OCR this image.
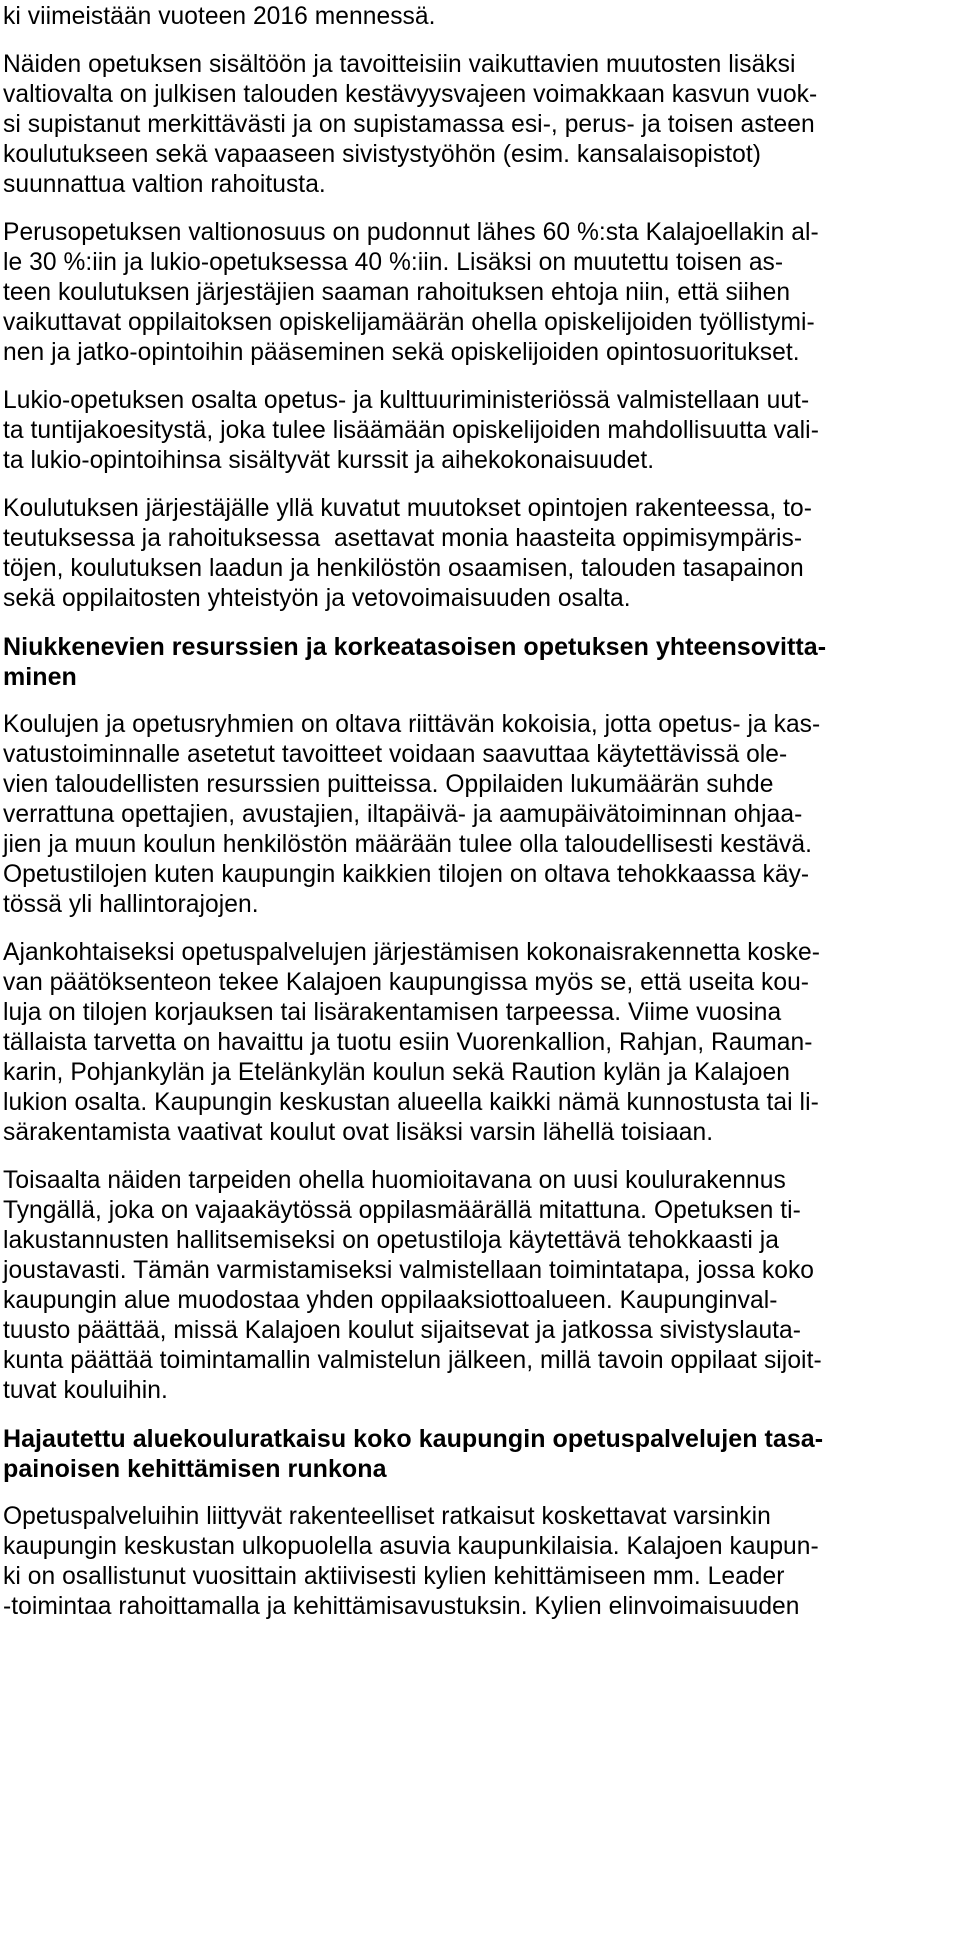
ki viimeistään vuoteen 2016 mennessä.
Näiden opetuksen sisältöön ja tavoitteisiin vaikuttavien muutosten lisäksi
valtiovalta on julkisen talouden kestävyysvajeen voimakkaan kasvun vuok-
si supistanut merkittävästi ja on supistamassa esi-, perus- ja toisen asteen
koulutukseen sekä vapaaseen sivistystyöhön (esim. kansalaisopistot)
suunnattua valtion rahoitusta.
Perusopetuksen valtionosuus on pudonnut lähes 60 %:sta Kalajoellakin al-
le 30 %:iin ja lukio-opetuksessa 40 %:iin. Lisäksi on muutettu toisen as-
teen koulutuksen järjestäjien saaman rahoituksen ehtoja niin, että siihen
vaikuttavat oppilaitoksen opiskelijamäärän ohella opiskelijoiden työllistymi-
nen ja jatko-opintoihin pääseminen sekä opiskelijoiden opintosuoritukset.
Lukio-opetuksen osalta opetus- ja kulttuuriministeriössä valmistellaan uut-
ta tuntijakoesitystä, joka tulee lisäämään opiskelijoiden mahdollisuutta vali-
ta lukio-opintoihinsa sisältyvät kurssit ja aihekokonaisuudet.
Koulutuksen järjestäjälle yllä kuvatut muutokset opintojen rakenteessa, to-
teutuksessa ja rahoituksessa  asettavat monia haasteita oppimisympäris-
töjen, koulutuksen laadun ja henkilöstön osaamisen, talouden tasapainon
sekä oppilaitosten yhteistyön ja vetovoimaisuuden osalta.
Niukkenevien resurssien ja korkeatasoisen opetuksen yhteensovitta-
minen
Koulujen ja opetusryhmien on oltava riittävän kokoisia, jotta opetus- ja kas-
vatustoiminnalle asetetut tavoitteet voidaan saavuttaa käytettävissä ole-
vien taloudellisten resurssien puitteissa. Oppilaiden lukumäärän suhde
verrattuna opettajien, avustajien, iltapäivä- ja aamupäivätoiminnan ohjaa-
jien ja muun koulun henkilöstön määrään tulee olla taloudellisesti kestävä.
Opetustilojen kuten kaupungin kaikkien tilojen on oltava tehokkaassa käy-
tössä yli hallintorajojen.
Ajankohtaiseksi opetuspalvelujen järjestämisen kokonaisrakennetta koske-
van päätöksenteon tekee Kalajoen kaupungissa myös se, että useita kou-
luja on tilojen korjauksen tai lisärakentamisen tarpeessa. Viime vuosina
tällaista tarvetta on havaittu ja tuotu esiin Vuorenkallion, Rahjan, Rauman-
karin, Pohjankylän ja Etelänkylän koulun sekä Raution kylän ja Kalajoen
lukion osalta. Kaupungin keskustan alueella kaikki nämä kunnostusta tai li-
särakentamista vaativat koulut ovat lisäksi varsin lähellä toisiaan.
Toisaalta näiden tarpeiden ohella huomioitavana on uusi koulurakennus
Tyngällä, joka on vajaakäytössä oppilasmäärällä mitattuna. Opetuksen ti-
lakustannusten hallitsemiseksi on opetustiloja käytettävä tehokkaasti ja
joustavasti. Tämän varmistamiseksi valmistellaan toimintatapa, jossa koko
kaupungin alue muodostaa yhden oppilaaksiottoalueen. Kaupunginval-
tuusto päättää, missä Kalajoen koulut sijaitsevat ja jatkossa sivistyslauta-
kunta päättää toimintamallin valmistelun jälkeen, millä tavoin oppilaat sijoit-
tuvat kouluihin.
Hajautettu aluekouluratkaisu koko kaupungin opetuspalvelujen tasa-
painoisen kehittämisen runkona
Opetuspalveluihin liittyvät rakenteelliset ratkaisut koskettavat varsinkin
kaupungin keskustan ulkopuolella asuvia kaupunkilaisia. Kalajoen kaupun-
ki on osallistunut vuosittain aktiivisesti kylien kehittämiseen mm. Leader
-toimintaa rahoittamalla ja kehittämisavustuksin. Kylien elinvoimaisuuden
